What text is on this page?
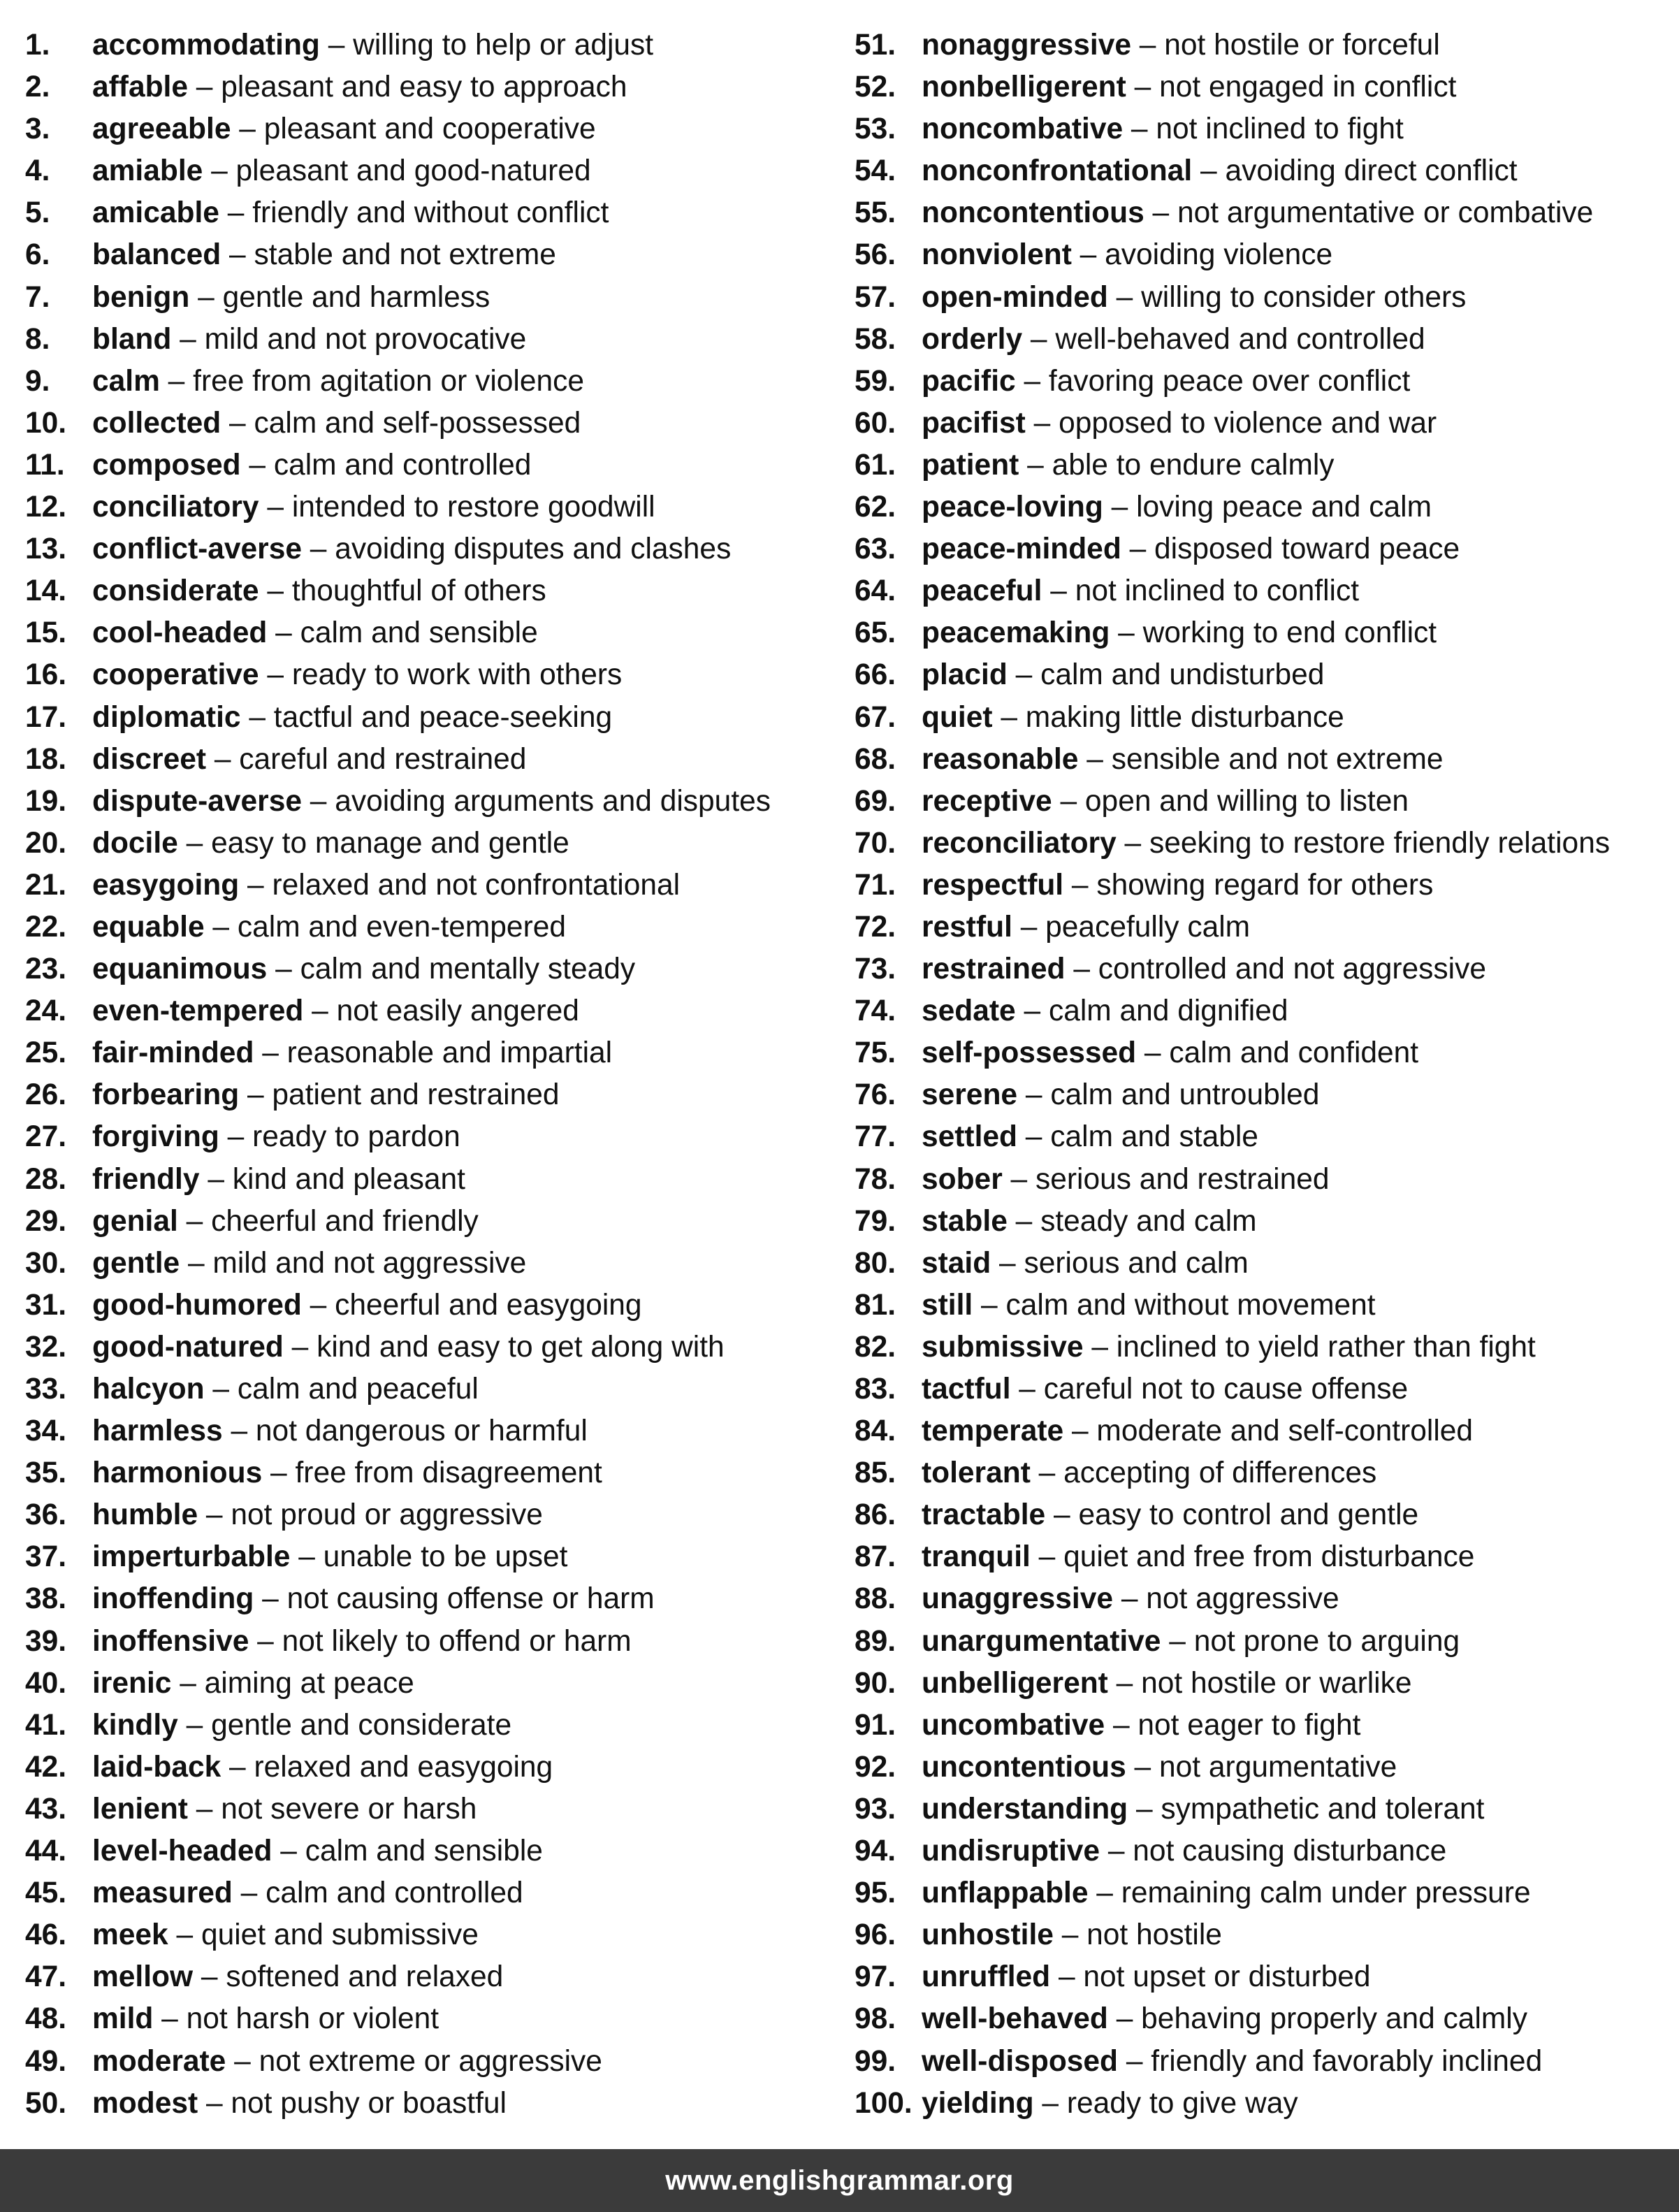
1. accommodating – willing to help or adjust
2. affable – pleasant and easy to approach
3. agreeable – pleasant and cooperative
4. amiable – pleasant and good-natured
5. amicable – friendly and without conflict
6. balanced – stable and not extreme
7. benign – gentle and harmless
8. bland – mild and not provocative
9. calm – free from agitation or violence
10. collected – calm and self-possessed
11. composed – calm and controlled
12. conciliatory – intended to restore goodwill
13. conflict-averse – avoiding disputes and clashes
14. considerate – thoughtful of others
15. cool-headed – calm and sensible
16. cooperative – ready to work with others
17. diplomatic – tactful and peace-seeking
18. discreet – careful and restrained
19. dispute-averse – avoiding arguments and disputes
20. docile – easy to manage and gentle
21. easygoing – relaxed and not confrontational
22. equable – calm and even-tempered
23. equanimous – calm and mentally steady
24. even-tempered – not easily angered
25. fair-minded – reasonable and impartial
26. forbearing – patient and restrained
27. forgiving – ready to pardon
28. friendly – kind and pleasant
29. genial – cheerful and friendly
30. gentle – mild and not aggressive
31. good-humored – cheerful and easygoing
32. good-natured – kind and easy to get along with
33. halcyon – calm and peaceful
34. harmless – not dangerous or harmful
35. harmonious – free from disagreement
36. humble – not proud or aggressive
37. imperturbable – unable to be upset
38. inoffending – not causing offense or harm
39. inoffensive – not likely to offend or harm
40. irenic – aiming at peace
41. kindly – gentle and considerate
42. laid-back – relaxed and easygoing
43. lenient – not severe or harsh
44. level-headed – calm and sensible
45. measured – calm and controlled
46. meek – quiet and submissive
47. mellow – softened and relaxed
48. mild – not harsh or violent
49. moderate – not extreme or aggressive
50. modest – not pushy or boastful
51. nonaggressive – not hostile or forceful
52. nonbelligerent – not engaged in conflict
53. noncombative – not inclined to fight
54. nonconfrontational – avoiding direct conflict
55. noncontentious – not argumentative or combative
56. nonviolent – avoiding violence
57. open-minded – willing to consider others
58. orderly – well-behaved and controlled
59. pacific – favoring peace over conflict
60. pacifist – opposed to violence and war
61. patient – able to endure calmly
62. peace-loving – loving peace and calm
63. peace-minded – disposed toward peace
64. peaceful – not inclined to conflict
65. peacemaking – working to end conflict
66. placid – calm and undisturbed
67. quiet – making little disturbance
68. reasonable – sensible and not extreme
69. receptive – open and willing to listen
70. reconciliatory – seeking to restore friendly relations
71. respectful – showing regard for others
72. restful – peacefully calm
73. restrained – controlled and not aggressive
74. sedate – calm and dignified
75. self-possessed – calm and confident
76. serene – calm and untroubled
77. settled – calm and stable
78. sober – serious and restrained
79. stable – steady and calm
80. staid – serious and calm
81. still – calm and without movement
82. submissive – inclined to yield rather than fight
83. tactful – careful not to cause offense
84. temperate – moderate and self-controlled
85. tolerant – accepting of differences
86. tractable – easy to control and gentle
87. tranquil – quiet and free from disturbance
88. unaggressive – not aggressive
89. unargumentative – not prone to arguing
90. unbelligerent – not hostile or warlike
91. uncombative – not eager to fight
92. uncontentious – not argumentative
93. understanding – sympathetic and tolerant
94. undisruptive – not causing disturbance
95. unflappable – remaining calm under pressure
96. unhostile – not hostile
97. unruffled – not upset or disturbed
98. well-behaved – behaving properly and calmly
99. well-disposed – friendly and favorably inclined
100. yielding – ready to give way
www.englishgrammar.org
